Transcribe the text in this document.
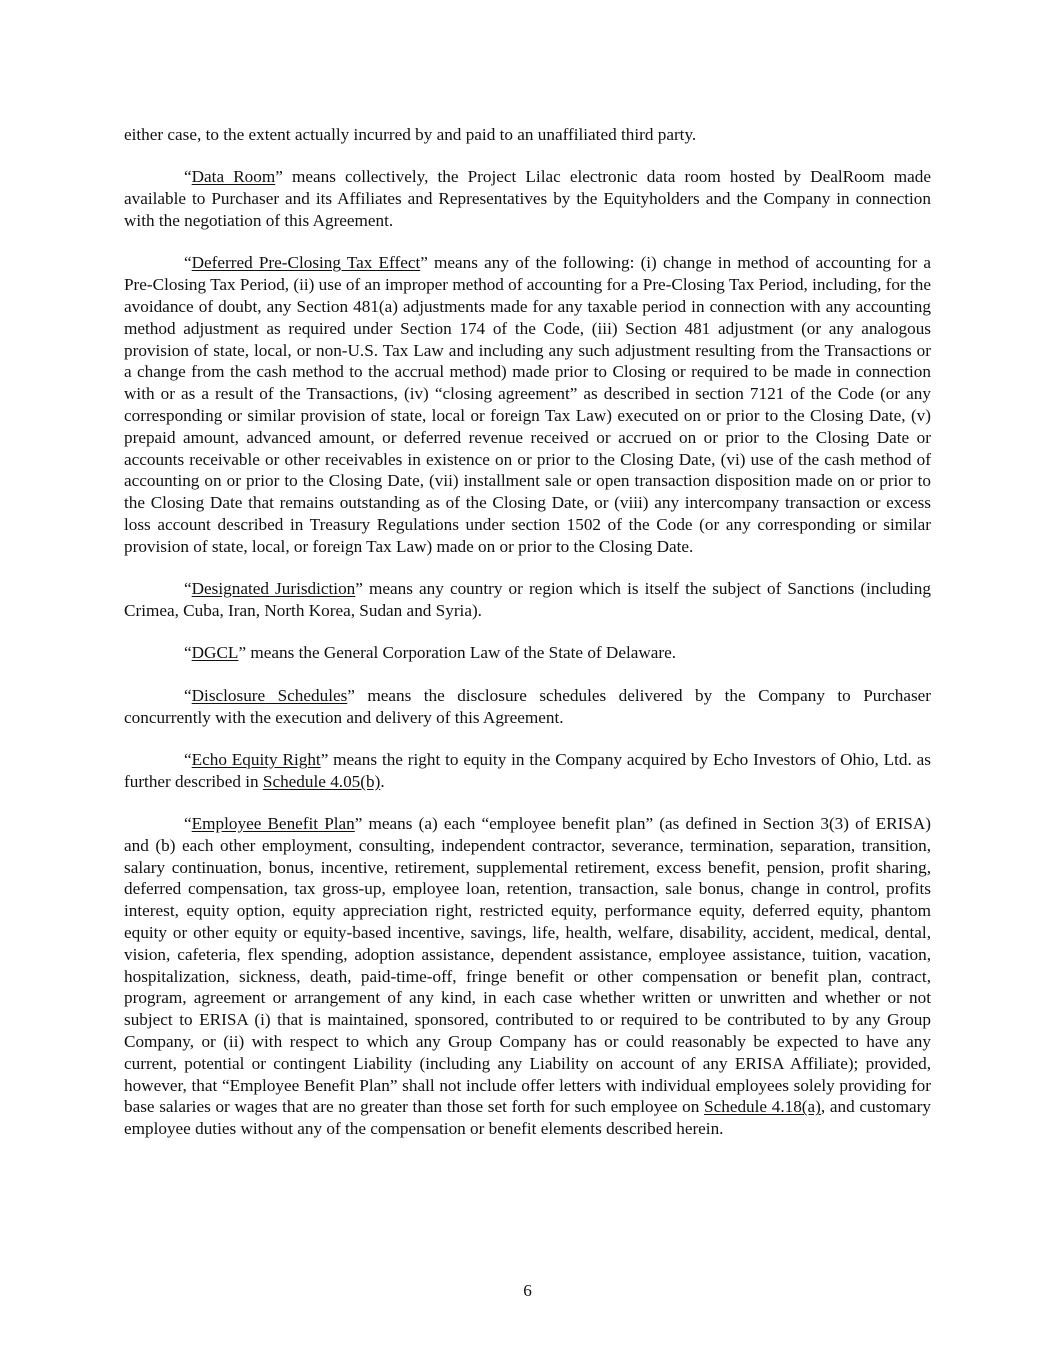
either case, to the extent actually incurred by and paid to an unaffiliated third party.

“Data Room” means collectively, the Project Lilac electronic data room hosted by DealRoom made available to Purchaser and its Affiliates and Representatives by the Equityholders and the Company in connection with the negotiation of this Agreement.

“Deferred Pre-Closing Tax Effect” means any of the following: (i) change in method of accounting for a Pre-Closing Tax Period, (ii) use of an improper method of accounting for a Pre-Closing Tax Period, including, for the avoidance of doubt, any Section 481(a) adjustments made for any taxable period in connection with any accounting method adjustment as required under Section 174 of the Code, (iii) Section 481 adjustment (or any analogous provision of state, local, or non-U.S. Tax Law and including any such adjustment resulting from the Transactions or a change from the cash method to the accrual method) made prior to Closing or required to be made in connection with or as a result of the Transactions, (iv) “closing agreement” as described in section 7121 of the Code (or any corresponding or similar provision of state, local or foreign Tax Law) executed on or prior to the Closing Date, (v) prepaid amount, advanced amount, or deferred revenue received or accrued on or prior to the Closing Date or accounts receivable or other receivables in existence on or prior to the Closing Date, (vi) use of the cash method of accounting on or prior to the Closing Date, (vii) installment sale or open transaction disposition made on or prior to the Closing Date that remains outstanding as of the Closing Date, or (viii) any intercompany transaction or excess loss account described in Treasury Regulations under section 1502 of the Code (or any corresponding or similar provision of state, local, or foreign Tax Law) made on or prior to the Closing Date.

“Designated Jurisdiction” means any country or region which is itself the subject of Sanctions (including Crimea, Cuba, Iran, North Korea, Sudan and Syria).

“DGCL” means the General Corporation Law of the State of Delaware.

“Disclosure Schedules” means the disclosure schedules delivered by the Company to Purchaser concurrently with the execution and delivery of this Agreement.

“Echo Equity Right” means the right to equity in the Company acquired by Echo Investors of Ohio, Ltd. as further described in Schedule 4.05(b).

“Employee Benefit Plan” means (a) each “employee benefit plan” (as defined in Section 3(3) of ERISA) and (b) each other employment, consulting, independent contractor, severance, termination, separation, transition, salary continuation, bonus, incentive, retirement, supplemental retirement, excess benefit, pension, profit sharing, deferred compensation, tax gross-up, employee loan, retention, transaction, sale bonus, change in control, profits interest, equity option, equity appreciation right, restricted equity, performance equity, deferred equity, phantom equity or other equity or equity-based incentive, savings, life, health, welfare, disability, accident, medical, dental, vision, cafeteria, flex spending, adoption assistance, dependent assistance, employee assistance, tuition, vacation, hospitalization, sickness, death, paid-time-off, fringe benefit or other compensation or benefit plan, contract, program, agreement or arrangement of any kind, in each case whether written or unwritten and whether or not subject to ERISA (i) that is maintained, sponsored, contributed to or required to be contributed to by any Group Company, or (ii) with respect to which any Group Company has or could reasonably be expected to have any current, potential or contingent Liability (including any Liability on account of any ERISA Affiliate); provided, however, that “Employee Benefit Plan” shall not include offer letters with individual employees solely providing for base salaries or wages that are no greater than those set forth for such employee on Schedule 4.18(a), and customary employee duties without any of the compensation or benefit elements described herein.

6
